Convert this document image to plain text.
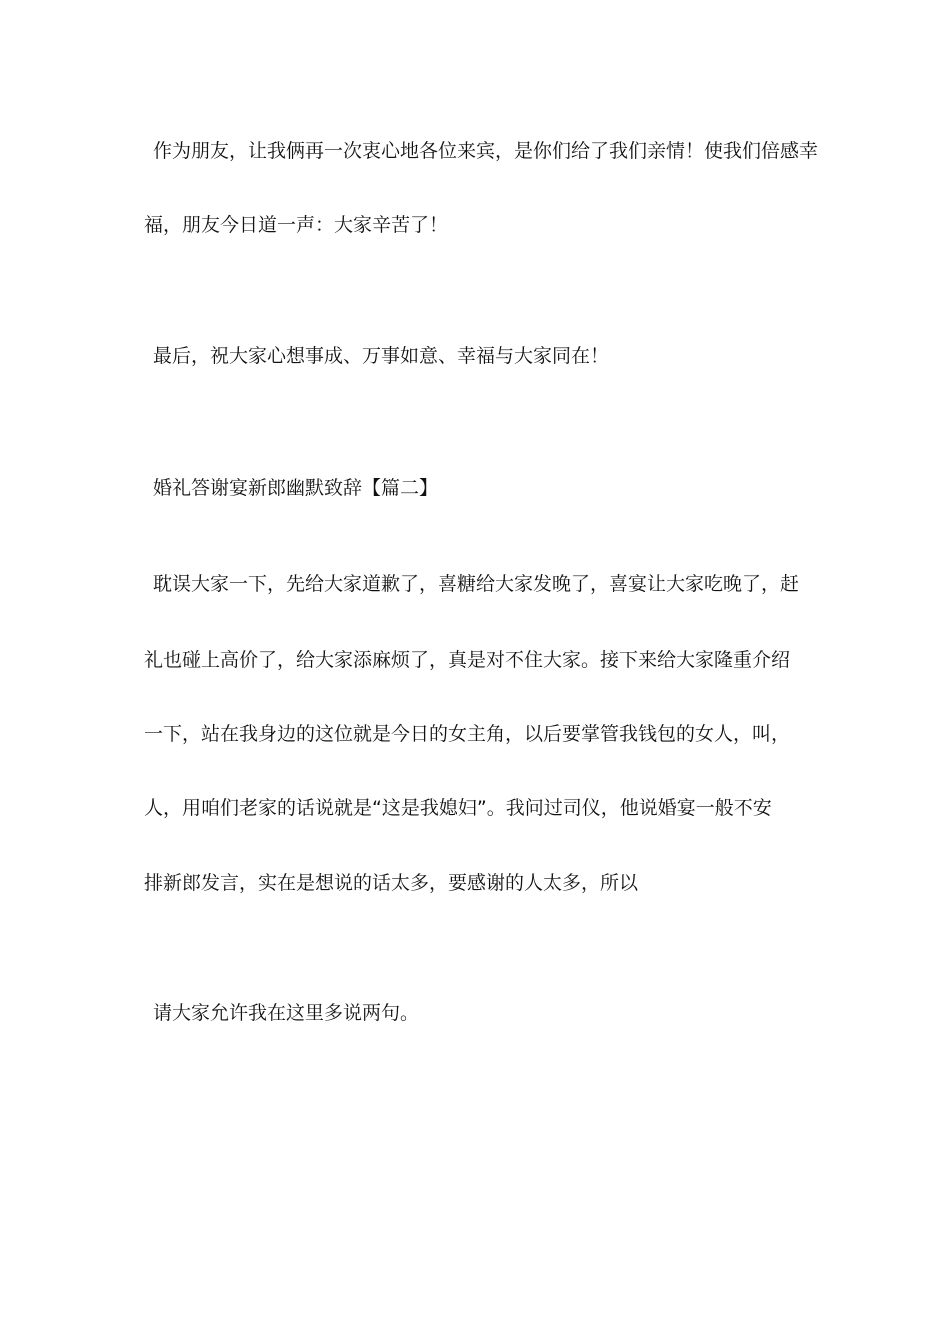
作为朋友，让我俩再一次衷心地各位来宾，是你们给了我们亲情！使我们倍感幸
福，朋友今日道一声：大家辛苦了！
最后，祝大家心想事成、万事如意、幸福与大家同在！
婚礼答谢宴新郎幽默致辞【篇二】
耽误大家一下，先给大家道歉了，喜糖给大家发晚了，喜宴让大家吃晚了，赶
礼也碰上高价了，给大家添麻烦了，真是对不住大家。接下来给大家隆重介绍
一下，站在我身边的这位就是今日的女主角，以后要掌管我钱包的女人，叫，
人，用咱们老家的话说就是“这是我媳妇”。我问过司仪，他说婚宴一般不安
排新郎发言，实在是想说的话太多，要感谢的人太多，所以
请大家允许我在这里多说两句。
